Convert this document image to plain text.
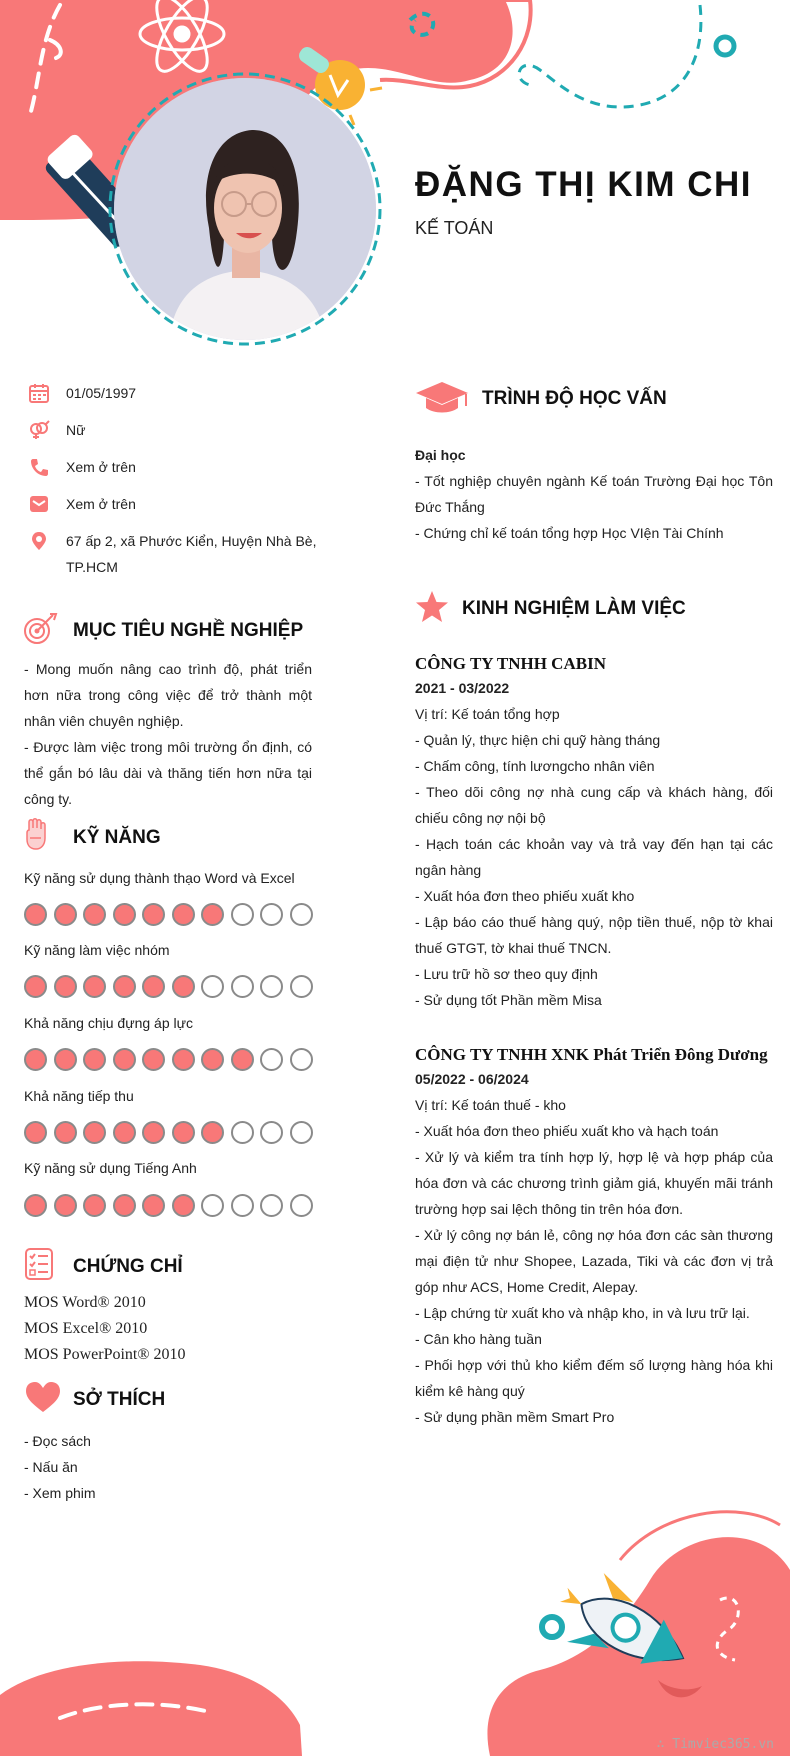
ĐẶNG THỊ KIM CHI
KẾ TOÁN
01/05/1997
Nữ
Xem ở trên
Xem ở trên
67 ấp 2, xã Phước Kiển, Huyện Nhà Bè, TP.HCM
MỤC TIÊU NGHỀ NGHIỆP
- Mong muốn nâng cao trình độ, phát triển hơn nữa trong công việc để trở thành một nhân viên chuyên nghiệp.
- Được làm việc trong môi trường ổn định, có thể gắn bó lâu dài và thăng tiến hơn nữa tại công ty.
KỸ NĂNG
Kỹ năng sử dụng thành thạo Word và Excel
Kỹ năng làm việc nhóm
Khả năng chịu đựng áp lực
Khả năng tiếp thu
Kỹ năng sử dụng Tiếng Anh
CHỨNG CHỈ
MOS Word® 2010
MOS Excel® 2010
MOS PowerPoint® 2010
SỞ THÍCH
- Đọc sách
- Nấu ăn
- Xem phim
TRÌNH ĐỘ HỌC VẤN
Đại học
- Tốt nghiệp chuyên ngành Kế toán Trường Đại học Tôn Đức Thắng
- Chứng chỉ kế toán tổng hợp Học VIện Tài Chính
KINH NGHIỆM LÀM VIỆC
CÔNG TY TNHH CABIN
2021 - 03/2022
Vị trí: Kế toán tổng hợp
- Quản lý, thực hiện chi quỹ hàng tháng
- Chấm công, tính lươngcho nhân viên
- Theo dõi công nợ nhà cung cấp và khách hàng, đối chiếu công nợ nội bộ
- Hạch toán các khoản vay và trả vay đến hạn tại các ngân hàng
- Xuất hóa đơn theo phiếu xuất kho
- Lập báo cáo thuế hàng quý, nộp tiền thuế, nộp tờ khai thuế GTGT, tờ khai thuế TNCN.
- Lưu trữ hồ sơ theo quy định
- Sử dụng tốt Phần mềm Misa
CÔNG TY TNHH XNK Phát Triển Đông Dương
05/2022 - 06/2024
Vị trí: Kế toán thuế - kho
- Xuất hóa đơn theo phiếu xuất kho và hạch toán
- Xử lý và kiểm tra tính hợp lý, hợp lệ và hợp pháp của hóa đơn và các chương trình giảm giá, khuyến mãi tránh trường hợp sai lệch thông tin trên hóa đơn.
- Xử lý công nợ bán lẻ, công nợ hóa đơn các sàn thương mại điện tử như Shopee, Lazada, Tiki và các đơn vị trả góp như ACS, Home Credit, Alepay.
- Lập chứng từ xuất kho và nhập kho, in và lưu trữ lại.
- Cân kho hàng tuần
- Phối hợp với thủ kho kiểm đếm số lượng hàng hóa khi kiểm kê hàng quý
- Sử dụng phần mềm Smart Pro
∴ Timviec365.vn
